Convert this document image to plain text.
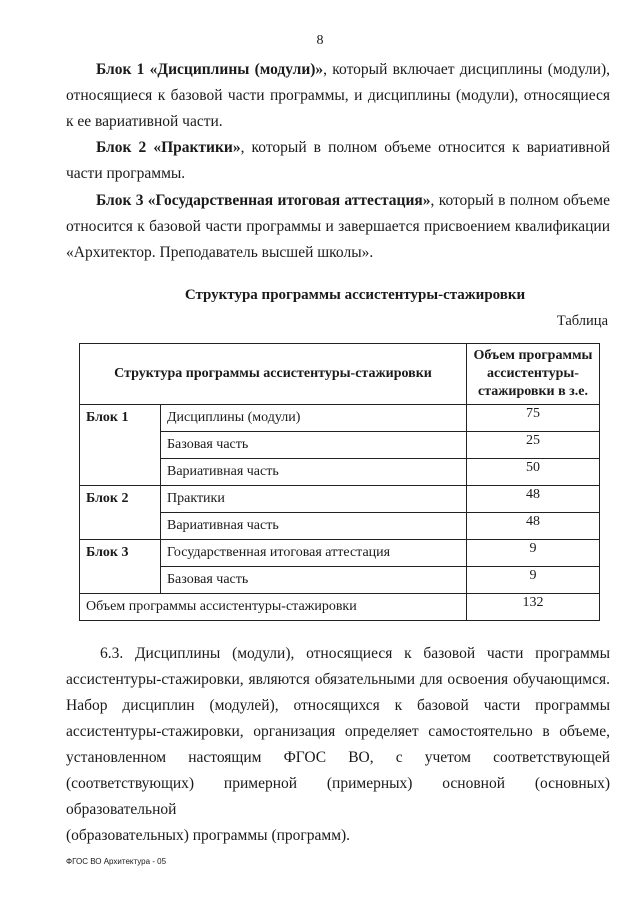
8

Блок 1 «Дисциплины (модули)», который включает дисциплины (модули),
относящиеся к базовой части программы, и дисциплины (модули), относящиеся
к ее вариативной части.

Блок 2 «Практики», который в полном объеме относится к вариативной
части программы.

Блок 3 «Государственная итоговая аттестация», который в полном объеме
относится к базовой части программы и завершается присвоением квалификации
«Архитектор. Преподаватель высшей школы».

Структура программы ассистентуры-стажировки
Таблица
Структура программы ассистентуры-стажировки		Объем программы ассистентуры-стажировки в з.е.
Блок 1	Дисциплины (модули)	75
	Базовая часть	25
	Вариативная часть	50
Блок 2	Практики	48
	Вариативная часть	48
Блок 3	Государственная итоговая аттестация	9
	Базовая часть	9
Объем программы ассистентуры-стажировки		132

6.3. Дисциплины (модули), относящиеся к базовой части программы
ассистентуры-стажировки, являются обязательными для освоения обучающимся.
Набор дисциплин (модулей), относящихся к базовой части программы
ассистентуры-стажировки, организация определяет самостоятельно в объеме,
установленном настоящим ФГОС ВО, с учетом соответствующей
(соответствующих) примерной (примерных) основной (основных) образовательной
(образовательных) программы (программ).

ФГОС ВО Архитектура - 05
